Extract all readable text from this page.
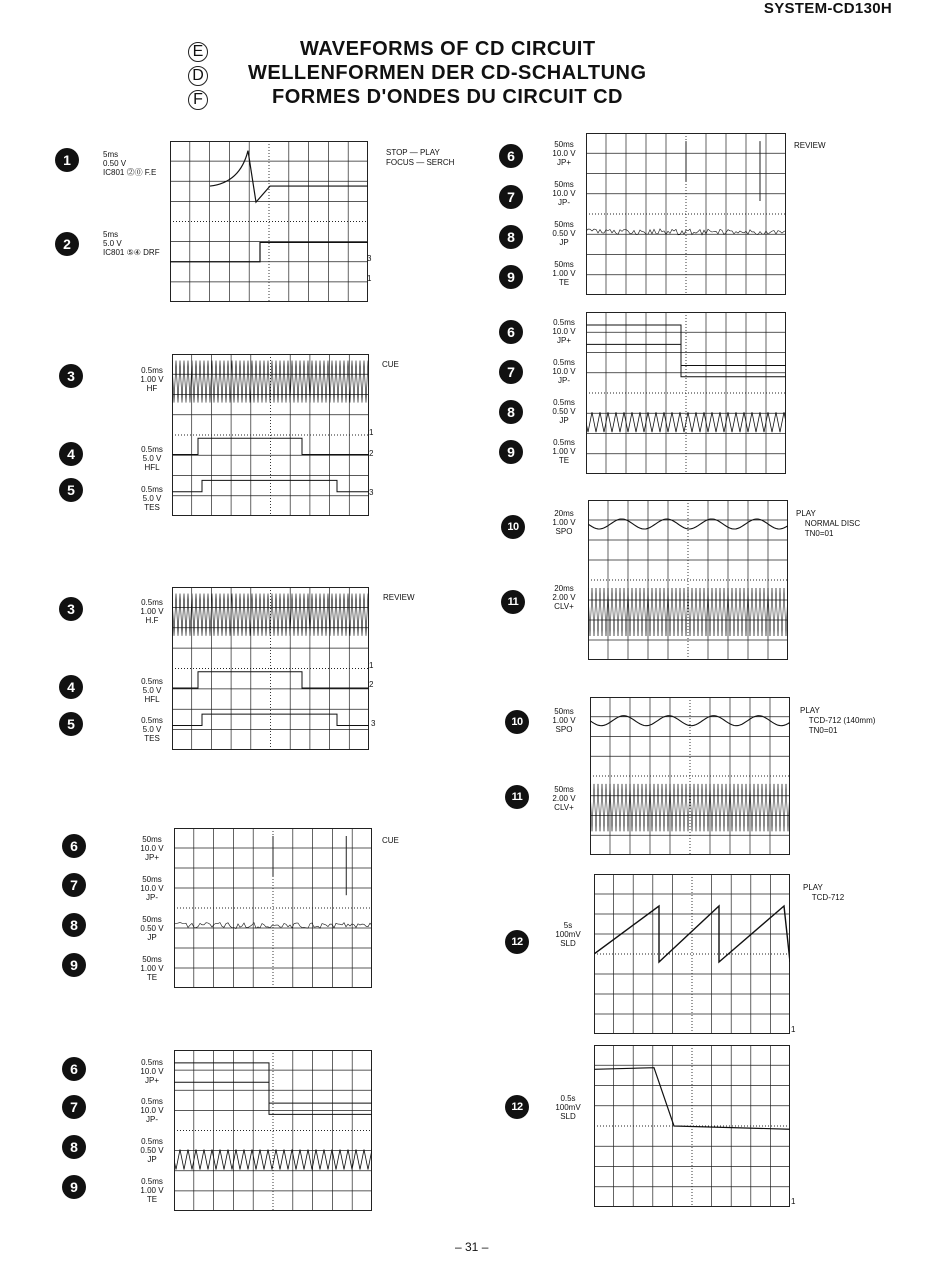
SYSTEM-CD130H
E
D
F
WAVEFORMS OF CD CIRCUIT
WELLENFORMEN DER CD-SCHALTUNG
FORMES D'ONDES DU CIRCUIT CD
STOP — PLAY
FOCUS — SERCH
CUE
REVIEW
CUE
REVIEW
PLAY
NORMAL DISC
TN0=01
PLAY
TCD-712 (140mm)
TN0=01
PLAY
TCD-712
3
1
1
2
3
1
2
3
1
1
1
2
3
4
5
3
4
5
6
7
8
9
6
7
8
9
6
7
8
9
6
7
8
9
10
11
10
11
12
12
5ms
0.50 V
IC801 ⓶⓪ F.E
5ms
5.0 V
IC801 ⑤④ DRF
0.5ms
1.00 V
HF
0.5ms
5.0 V
HFL
0.5ms
5.0 V
TES
0.5ms
1.00 V
H.F
0.5ms
5.0 V
HFL
0.5ms
5.0 V
TES
50ms
10.0 V
JP+
50ms
10.0 V
JP-
50ms
0.50 V
JP
50ms
1.00 V
TE
0.5ms
10.0 V
JP+
0.5ms
10.0 V
JP-
0.5ms
0.50 V
JP
0.5ms
1.00 V
TE
50ms
10.0 V
JP+
50ms
10.0 V
JP-
50ms
0.50 V
JP
50ms
1.00 V
TE
0.5ms
10.0 V
JP+
0.5ms
10.0 V
JP-
0.5ms
0.50 V
JP
0.5ms
1.00 V
TE
20ms
1.00 V
SPO
20ms
2.00 V
CLV+
50ms
1.00 V
SPO
50ms
2.00 V
CLV+
5s
100mV
SLD
0.5s
100mV
SLD
– 31 –
